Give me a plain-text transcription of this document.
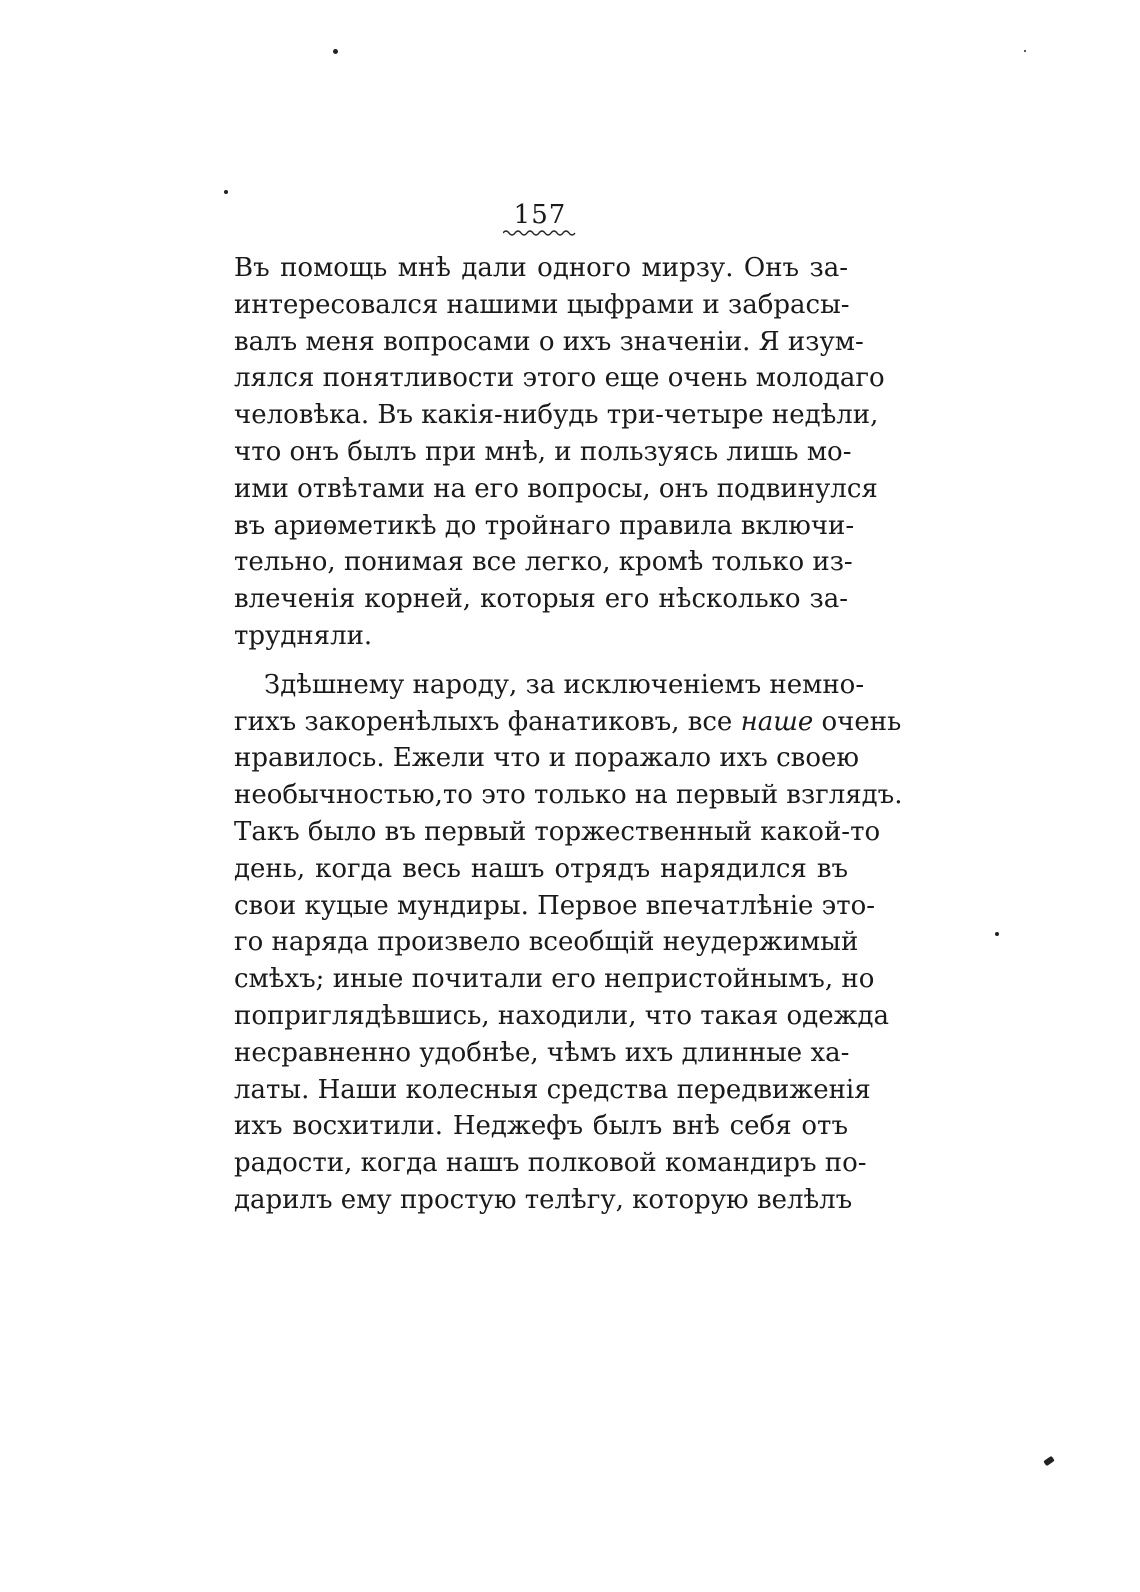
157
Въ помощь мнѣ дали одного мирзу. Онъ за-
интересовался нашими цыфрами и забрасы-
валъ меня вопросами о ихъ значеніи. Я изум-
лялся понятливости этого еще очень молодаго
человѣка. Въ какія-нибудь три-четыре недѣли,
что онъ былъ при мнѣ, и пользуясь лишь мо-
ими отвѣтами на его вопросы, онъ подвинулся
въ ариѳметикѣ до тройнаго правила включи-
тельно, понимая все легко, кромѣ только из-
влеченія корней, которыя его нѣсколько за-
трудняли.
Здѣшнему народу, за исключеніемъ немно-
гихъ закоренѣлыхъ фанатиковъ, все наше очень
нравилось. Ежели что и поражало ихъ своею
необычностью,то это только на первый взглядъ.
Такъ было въ первый торжественный какой-то
день, когда весь нашъ отрядъ нарядился въ
свои куцые мундиры. Первое впечатлѣніе это-
го наряда произвело всеобщій неудержимый
смѣхъ; иные почитали его непристойнымъ, но
поприглядѣвшись, находили, что такая одежда
несравненно удобнѣе, чѣмъ ихъ длинные ха-
латы. Наши колесныя средства передвиженія
ихъ восхитили. Неджефъ былъ внѣ себя отъ
радости, когда нашъ полковой командиръ по-
дарилъ ему простую телѣгу, которую велѣлъ
